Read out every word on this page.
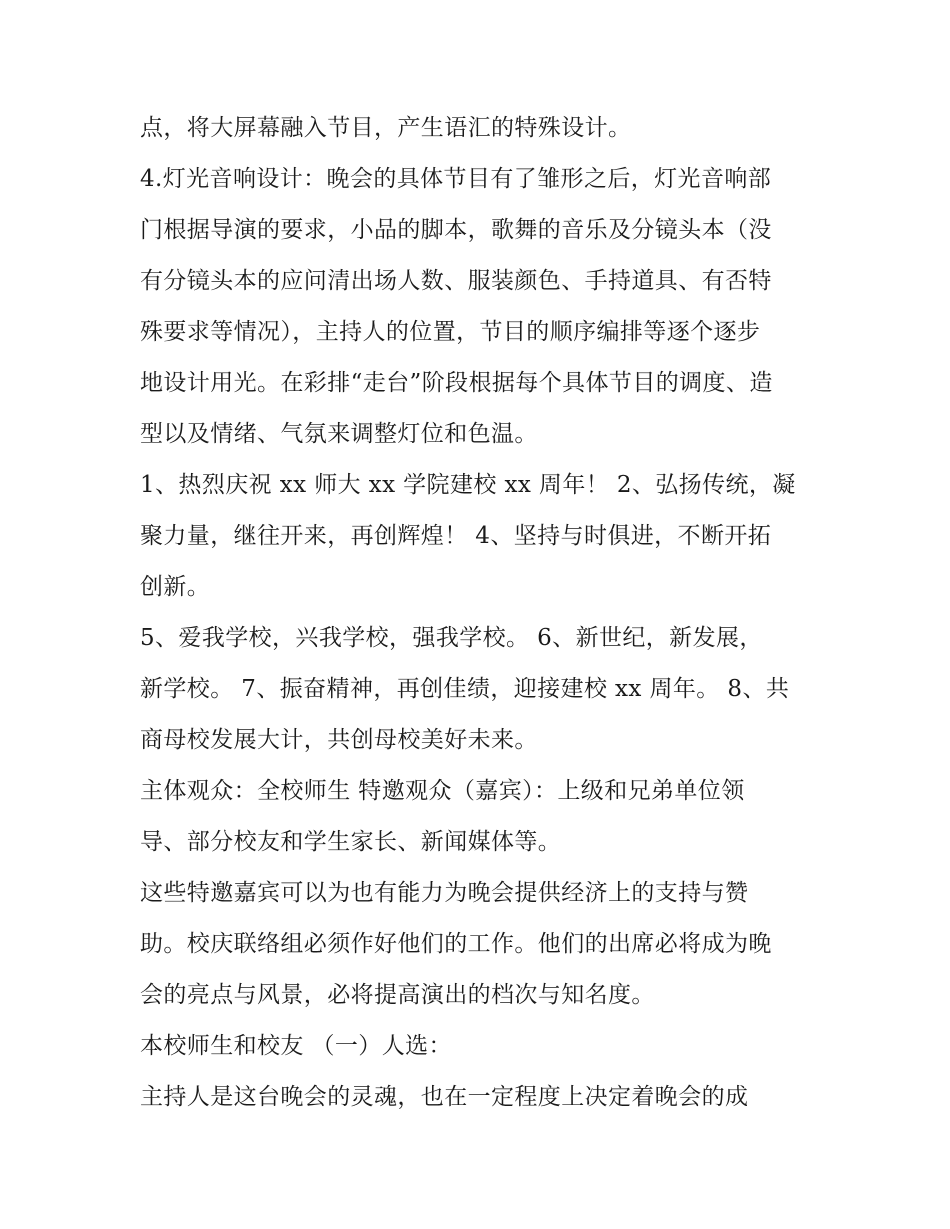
点，将大屏幕融入节目，产生语汇的特殊设计。
4.灯光音响设计：晚会的具体节目有了雏形之后，灯光音响部
门根据导演的要求，小品的脚本，歌舞的音乐及分镜头本（没
有分镜头本的应问清出场人数、服装颜色、手持道具、有否特
殊要求等情况），主持人的位置，节目的顺序编排等逐个逐步
地设计用光。在彩排“走台”阶段根据每个具体节目的调度、造
型以及情绪、气氛来调整灯位和色温。
1、热烈庆祝 xx 师大 xx 学院建校 xx 周年！ 2、弘扬传统，凝
聚力量，继往开来，再创辉煌！ 4、坚持与时俱进，不断开拓
创新。
5、爱我学校，兴我学校，强我学校。 6、新世纪，新发展，
新学校。 7、振奋精神，再创佳绩，迎接建校 xx 周年。 8、共
商母校发展大计，共创母校美好未来。
主体观众：全校师生 特邀观众（嘉宾）：上级和兄弟单位领
导、部分校友和学生家长、新闻媒体等。
这些特邀嘉宾可以为也有能力为晚会提供经济上的支持与赞
助。校庆联络组必须作好他们的工作。他们的出席必将成为晚
会的亮点与风景，必将提高演出的档次与知名度。
本校师生和校友 （一）人选：
主持人是这台晚会的灵魂，也在一定程度上决定着晚会的成
